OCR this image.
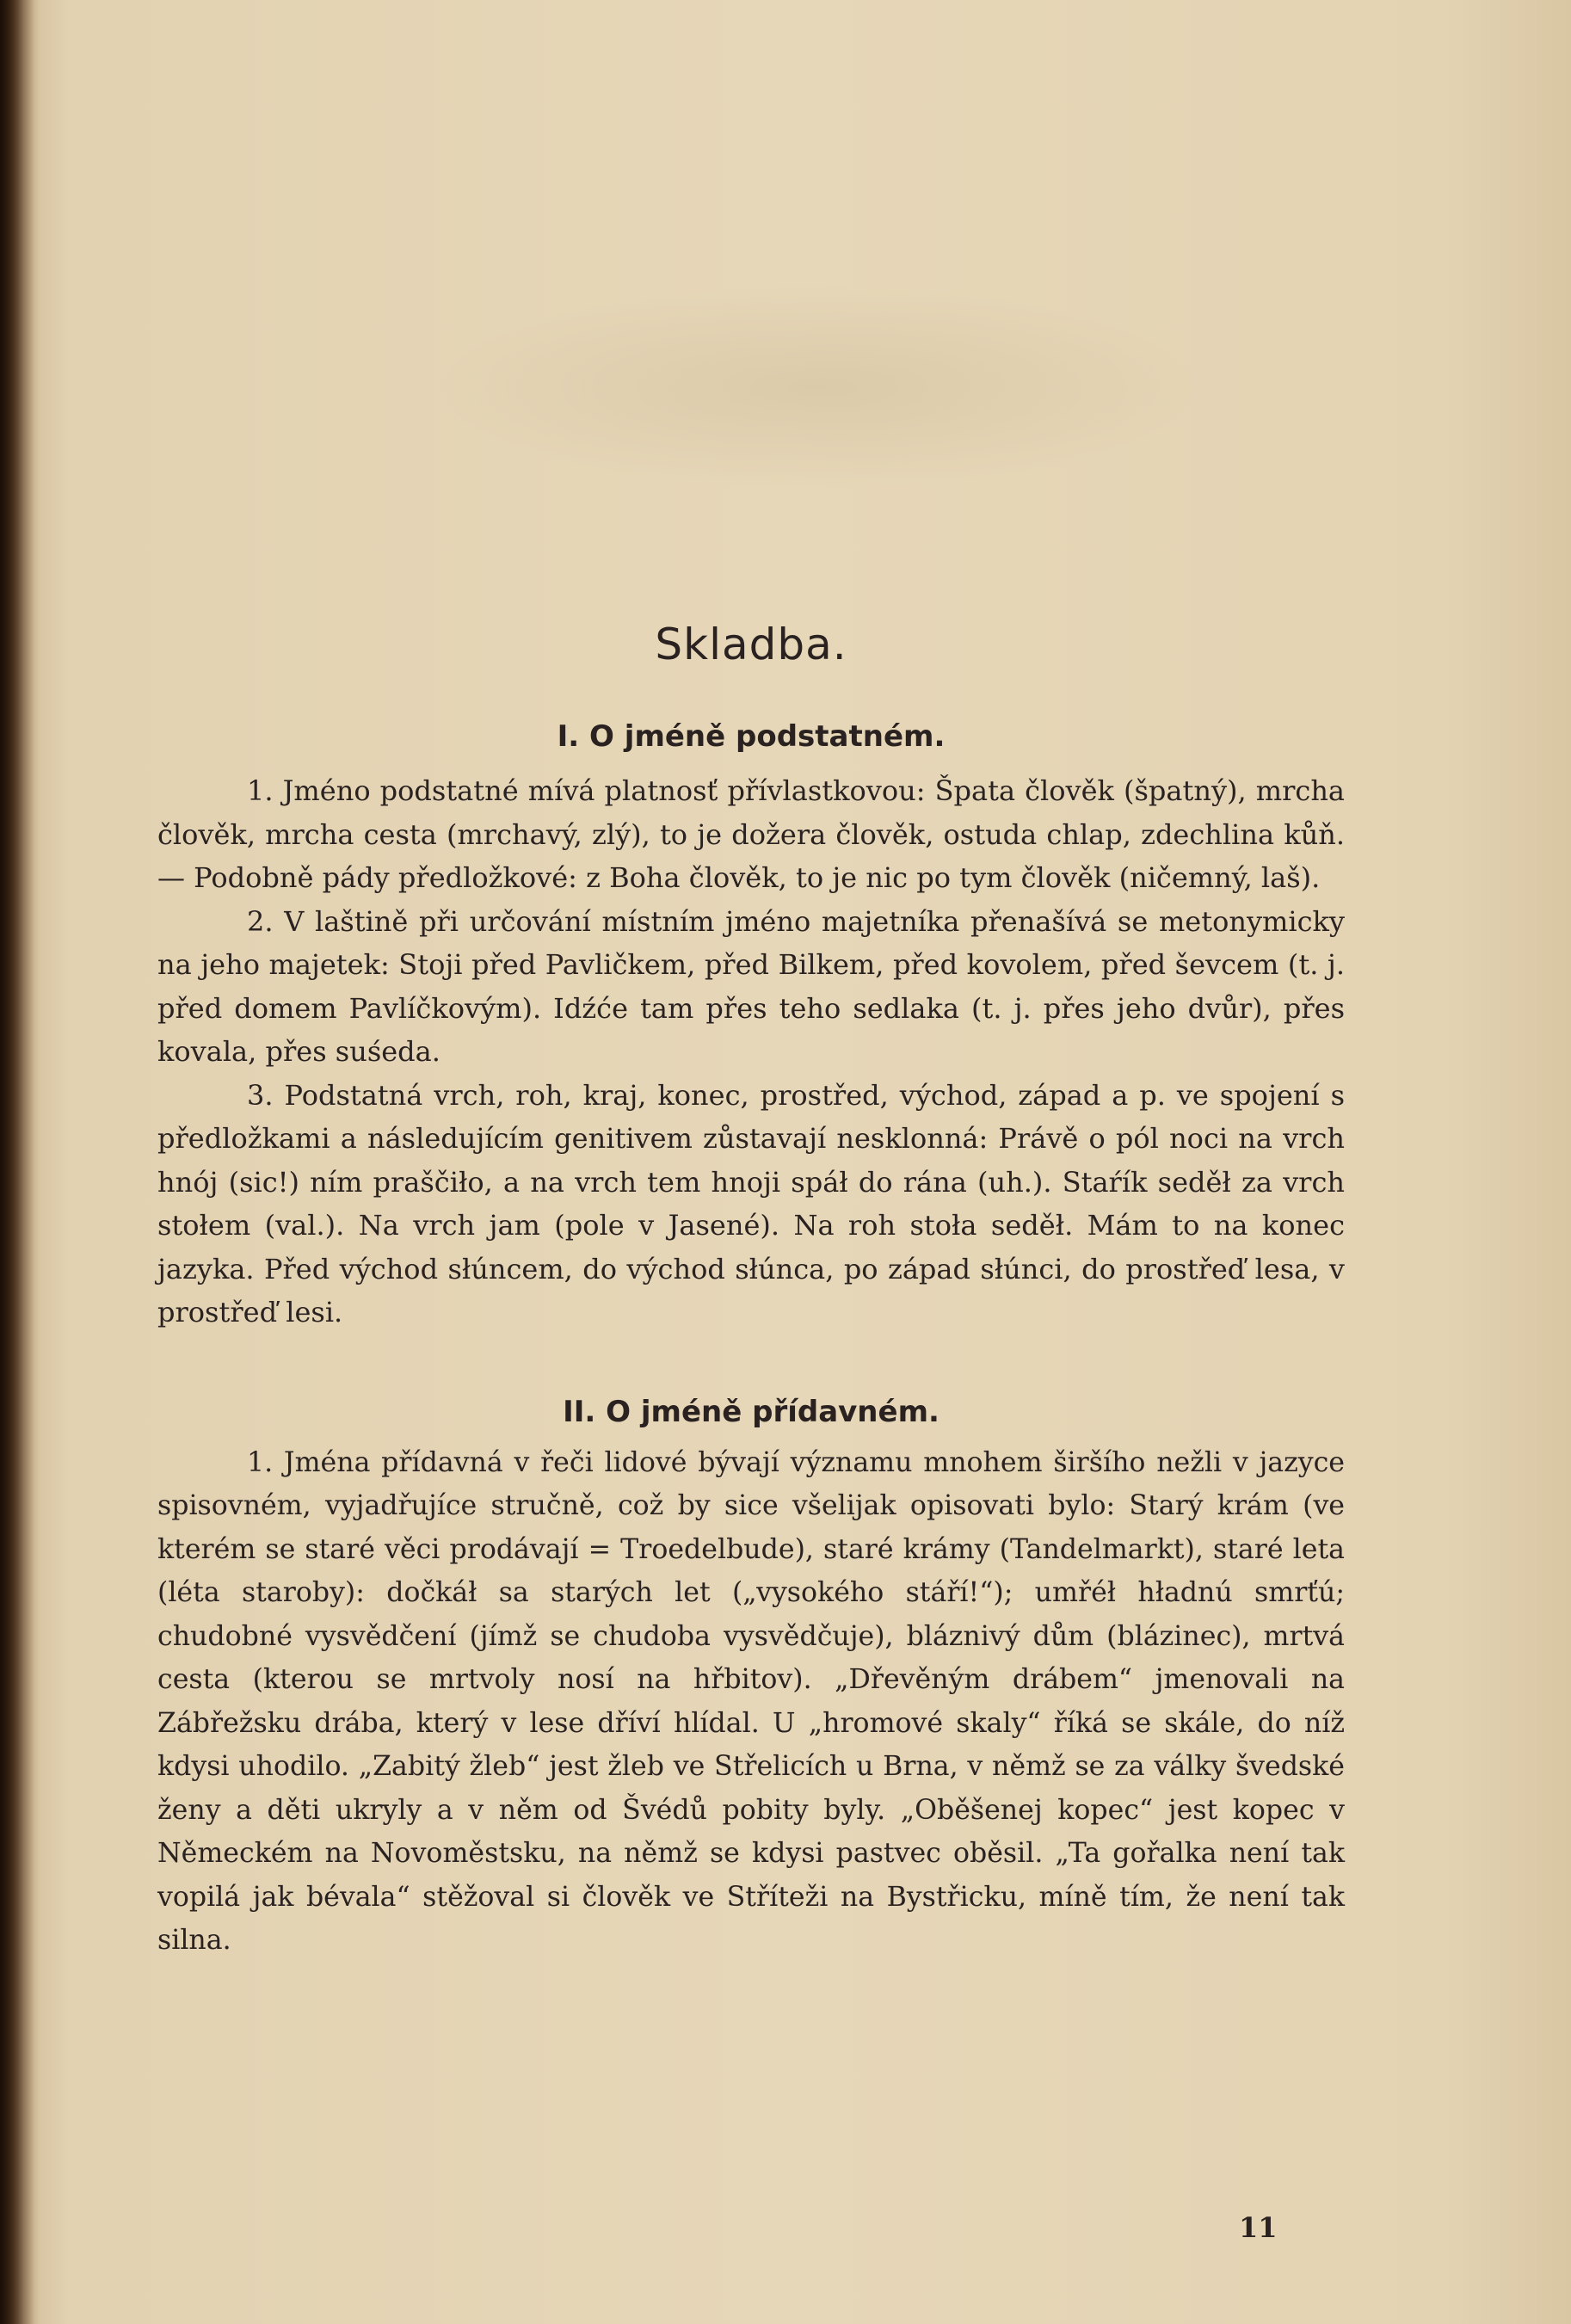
Skladba.
I. O jméně podstatném.

1. Jméno podstatné mívá platnosť přívlastkovou: Špata člověk (špatný), mrcha člověk, mrcha cesta (mrchavý, zlý), to je dožera člověk, ostuda chlap, zdechlina kůň. — Podobně pády předložkové: z Boha člověk, to je nic po tym člověk (ničemný, laš).

2. V laštině při určování místním jméno majetníka přenašívá se metonymicky na jeho majetek: Stoji před Pavličkem, před Bilkem, před kovolem, před ševcem (t. j. před domem Pavlíčkovým). Idźće tam přes teho sedlaka (t. j. přes jeho dvůr), přes kovala, přes suśeda.

3. Podstatná vrch, roh, kraj, konec, prostřed, východ, západ a p. ve spojení s předložkami a následujícím genitivem zůstavají nesklonná: Právě o pól noci na vrch hnój (sic!) ním praščiło, a na vrch tem hnoji spáł do rána (uh.). Staŕík seděł za vrch stołem (val.). Na vrch jam (pole v Jasené). Na roh stoła seděł. Mám to na konec jazyka. Před východ słúncem, do východ słúnca, po západ słúnci, do prostřeď lesa, v prostřeď lesi.

II. O jméně přídavném.

1. Jména přídavná v řeči lidové bývají významu mnohem širšího nežli v jazyce spisovném, vyjadřujíce stručně, což by sice všelijak opisovati bylo: Starý krám (ve kterém se staré věci prodávají = Troedelbude), staré krámy (Tandelmarkt), staré leta (léta staroby): dočkáł sa starých let („vysokého stáří!“); umřéł hładnú smrťú; chudobné vysvědčení (jímž se chudoba vysvědčuje), bláznivý dům (blázinec), mrtvá cesta (kterou se mrtvoly nosí na hřbitov). „Dřevěným drábem“ jmenovali na Zábřežsku drába, který v lese dříví hlídal. U „hromové skaly“ říká se skále, do níž kdysi uhodilo. „Zabitý žleb“ jest žleb ve Střelicích u Brna, v němž se za války švedské ženy a děti ukryly a v něm od Švédů pobity byly. „Oběšenej kopec“ jest kopec v Německém na Novoměstsku, na němž se kdysi pastvec oběsil. „Ta gořalka není tak vopilá jak bévala“ stěžoval si člověk ve Stříteži na Bystřicku, míně tím, že není tak silna.

11
